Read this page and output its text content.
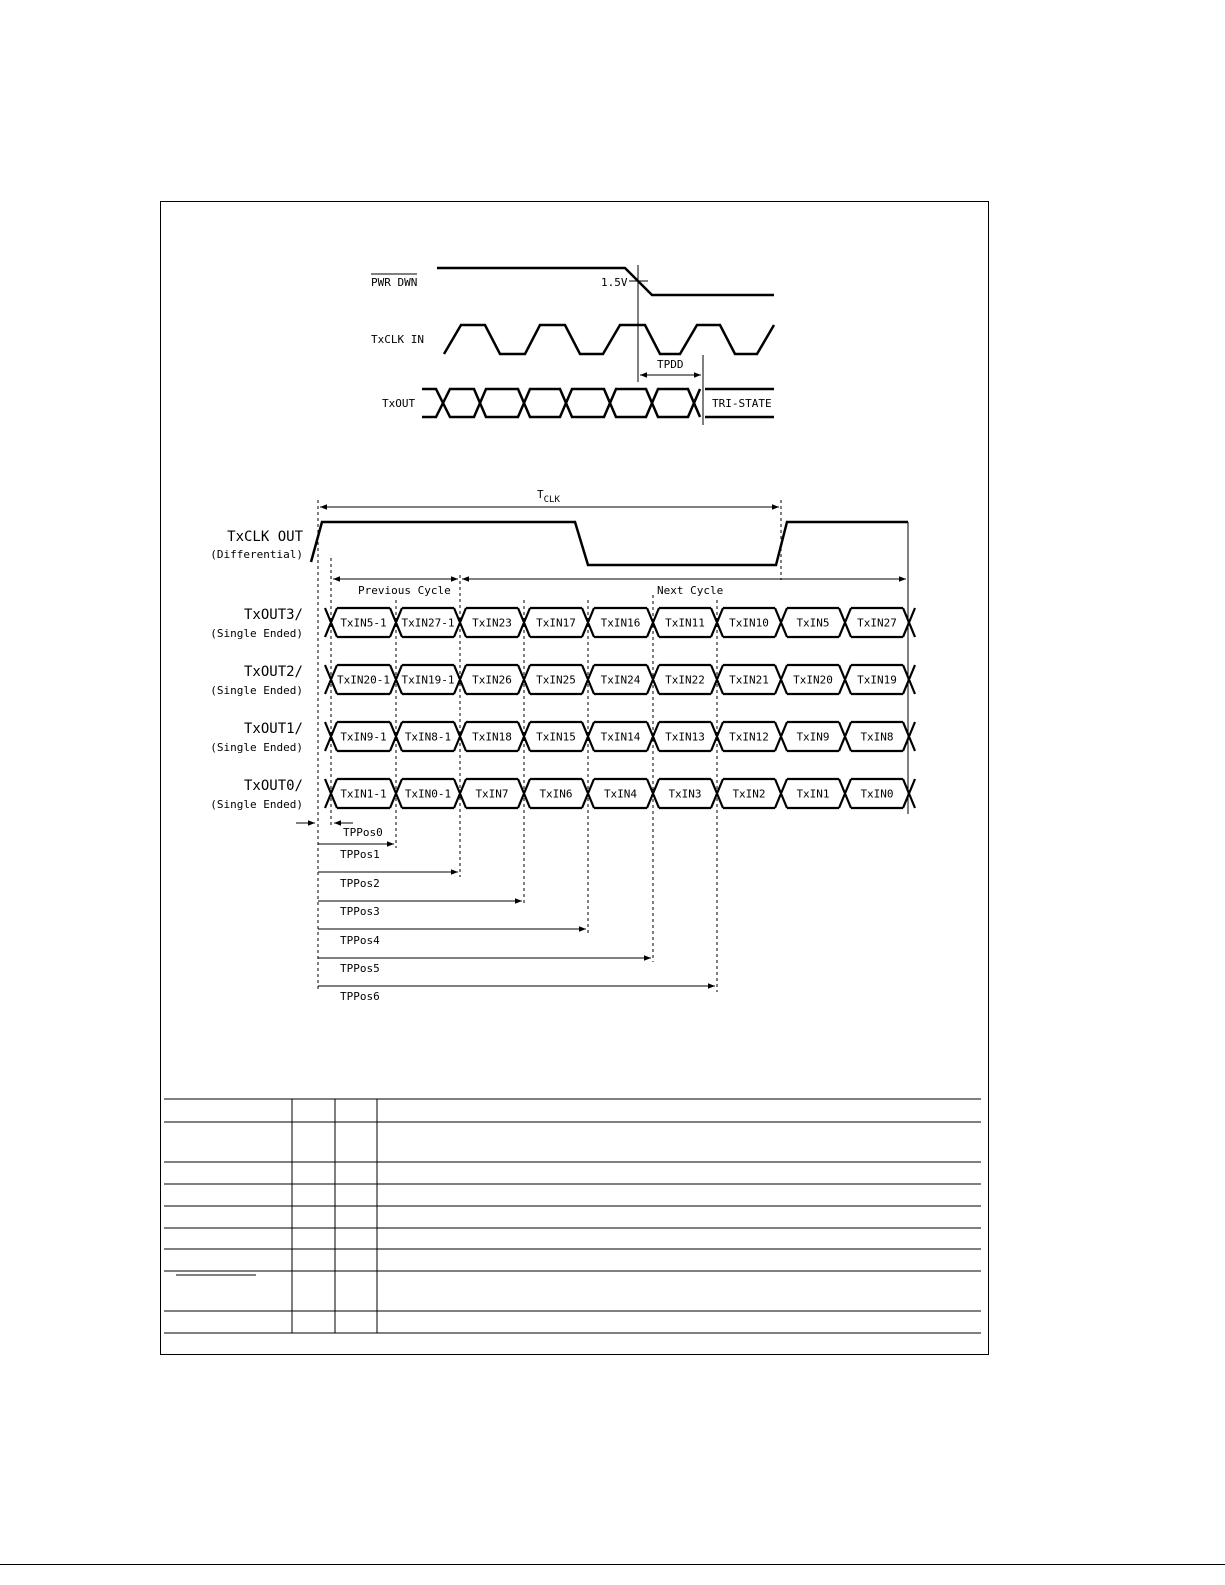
PWR DWN	1.5V
TxCLK IN
TPDD
TxOUT	TRI-STATE
$T_{CLK}$
TxCLK OUT
(Differential)
Previous Cycle	Next Cycle
TxOUT3/
(Single Ended)
TxIN5-1 TxIN27-1 TxIN23 TxIN17 TxIN16 TxIN11 TxIN10	TxIN5	TxIN27
TxOUT2/
(Single Ended)
TxIN20-1 TxIN19-1 TxIN26 TxIN25 TxIN24 TxIN22 TxIN21 TxIN20 TxIN19
TxOUT1/
(Single Ended)
TxIN9-1 TxIN8-1 TxIN18 TxIN15 TxIN14 TxIN13 TxIN12	TxIN9	TxIN8
TxOUT0/
(Single Ended)
TxIN1-1 TxIN0-1 TxIN7	TxIN6	TxIN4	TxIN3	TxIN2	TxIN1	TxIN0
TPPos0
TPPos1
TPPos2
TPPos3
TPPos4
TPPos5
TPPos6
